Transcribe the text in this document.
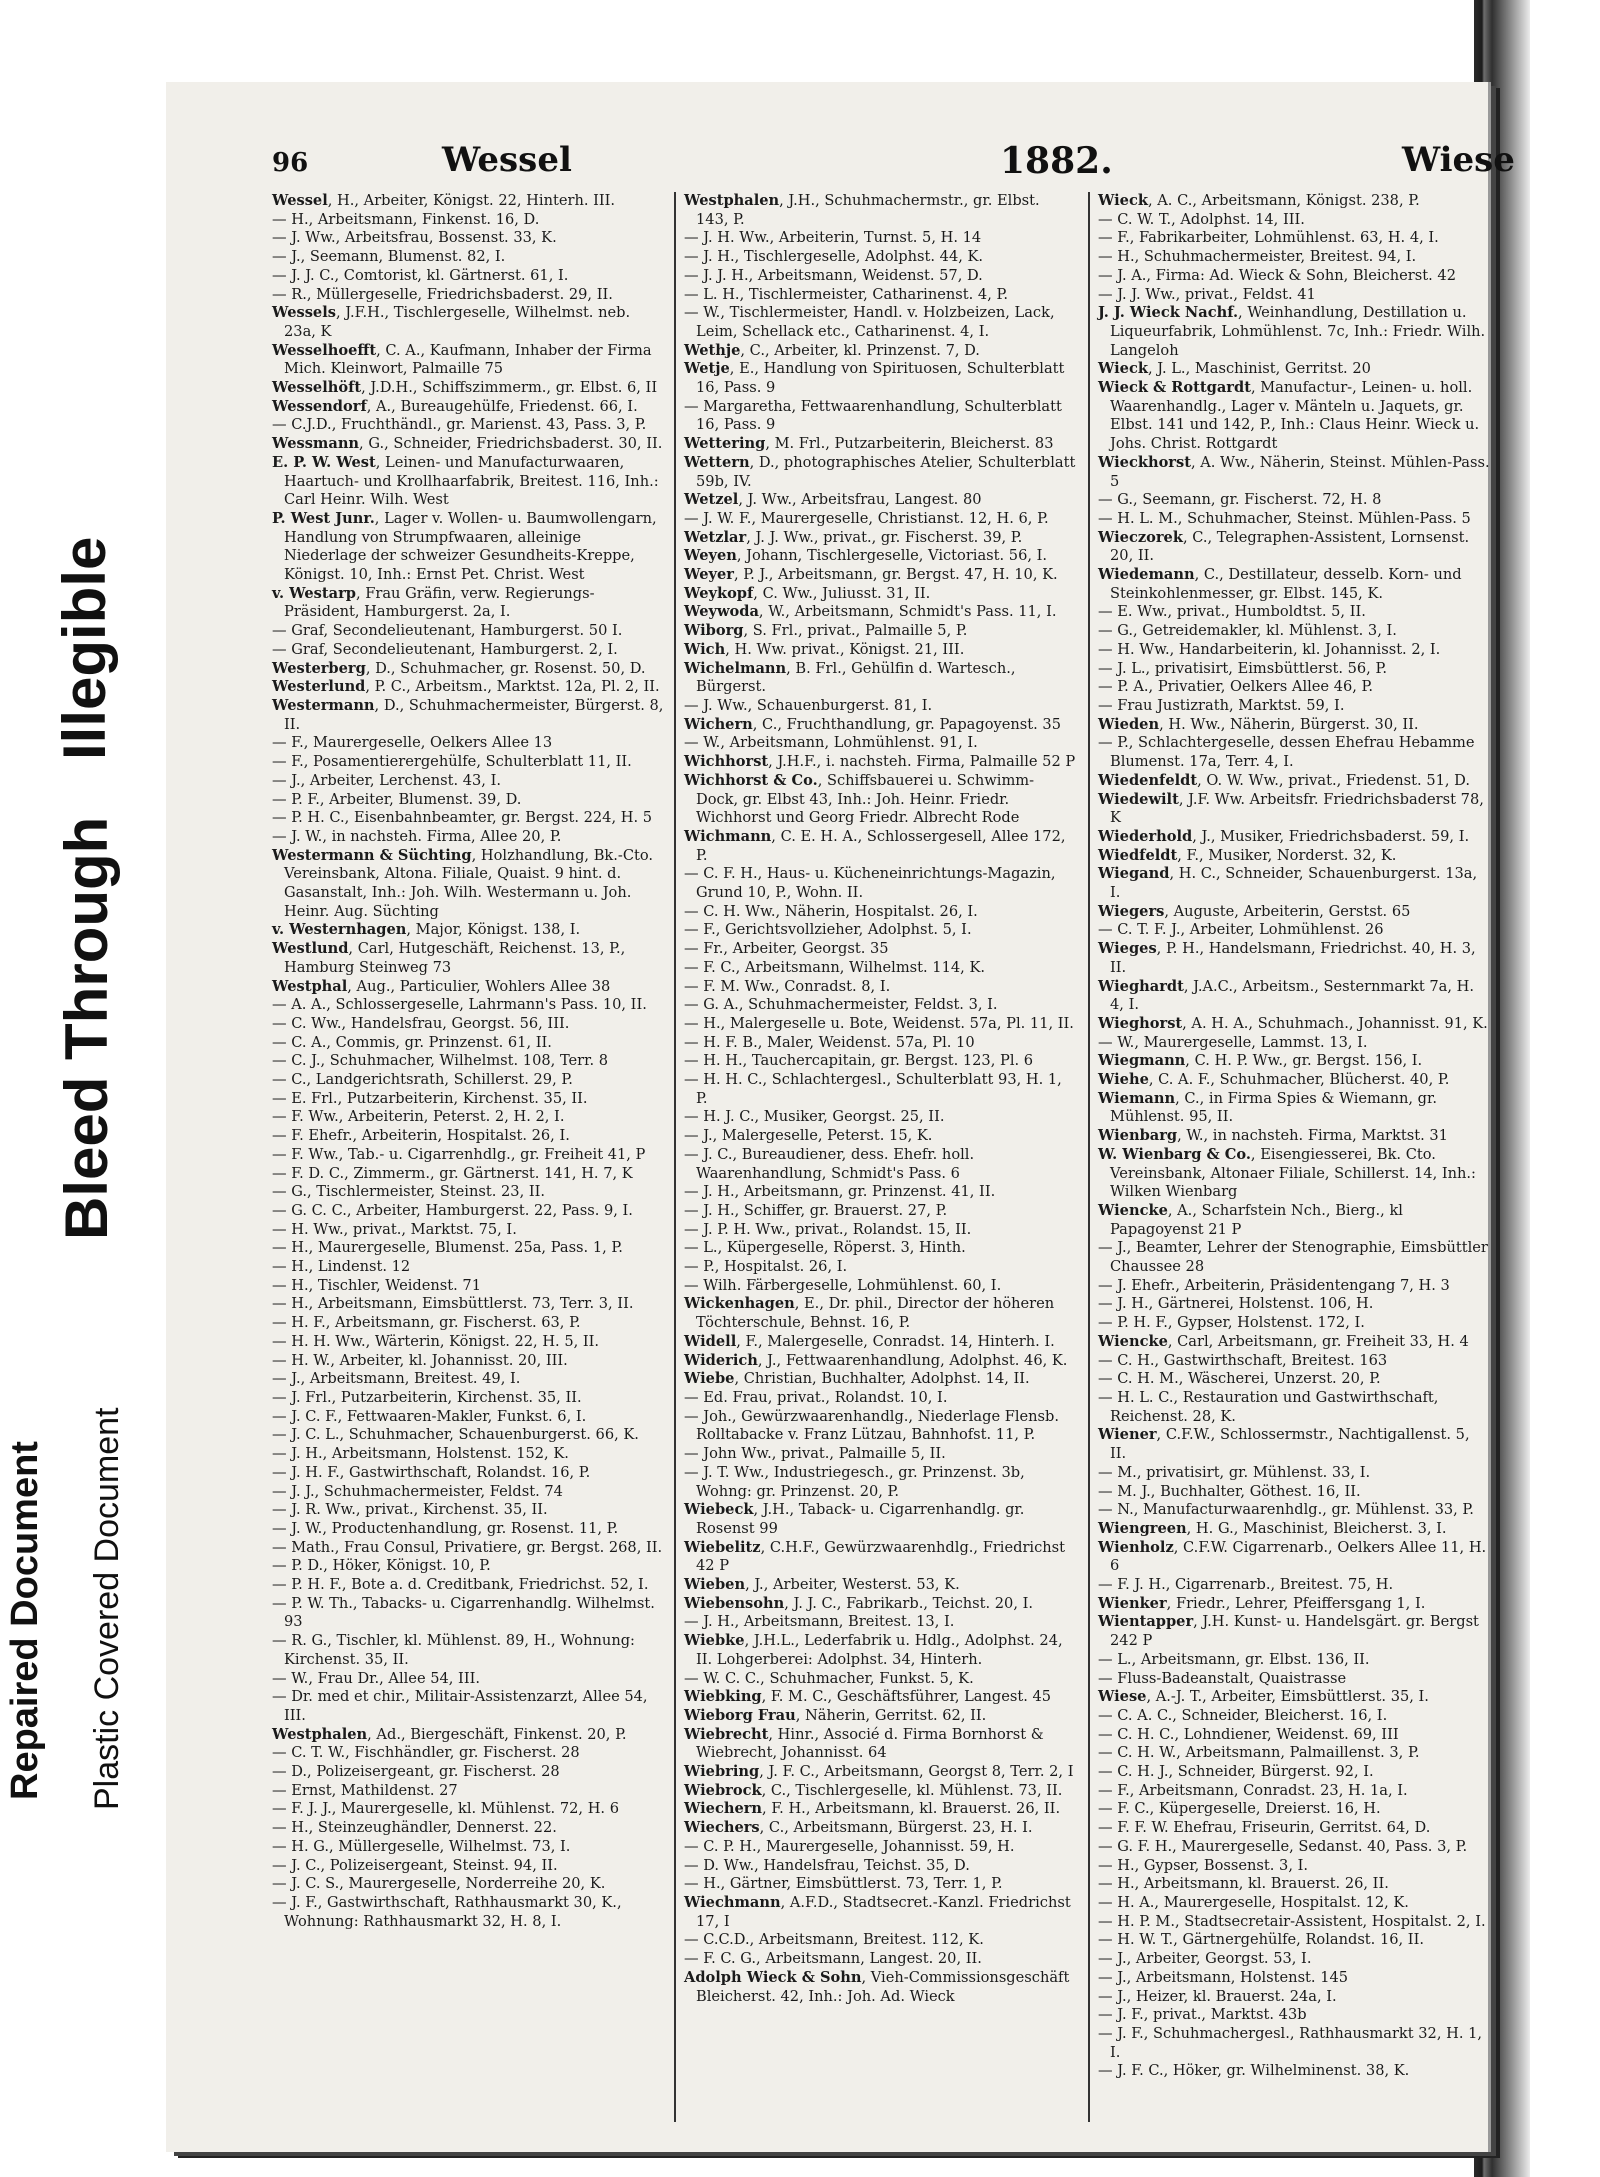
Illegible
Bleed Through
Repaired Document Plastic Covered Document
96	Wessel	1882.	Wiese
Wessel, H., Arbeiter, Königst. 22, Hinterh. III.
— H., Arbeitsmann, Finkenst. 16, D.
— J. Ww., Arbeitsfrau, Bossenst. 33, K.
— J., Seemann, Blumenst. 82, I.
— J. J. C., Comtorist, kl. Gärtnerst. 61, I.
— R., Müllergeselle, Friedrichsbaderst. 29, II.
Wessels, J.F.H., Tischlergeselle, Wilhelmst. neb. 23a, K
Wesselhoefft, C. A., Kaufmann, Inhaber der Firma Mich. Kleinwort, Palmaille 75
Wesselhöft, J.D.H., Schiffszimmerm., gr. Elbst. 6, II
Wessendorf, A., Bureaugehülfe, Friedenst. 66, I.
— C.J.D., Fruchthändl., gr. Marienst. 43, Pass. 3, P.
Wessmann, G., Schneider, Friedrichsbaderst. 30, II.
E. P. W. West, Leinen- und Manufacturwaaren, Haartuch- und Krollhaarfabrik, Breitest. 116, Inh.: Carl Heinr. Wilh. West
P. West Junr., Lager v. Wollen- u. Baumwollengarn, Handlung von Strumpfwaaren, alleinige Niederlage der schweizer Gesundheits-Kreppe, Königst. 10, Inh.: Ernst Pet. Christ. West
v. Westarp, Frau Gräfin, verw. Regierungs-Präsident, Hamburgerst. 2a, I.
— Graf, Secondelieutenant, Hamburgerst. 50 I.
— Graf, Secondelieutenant, Hamburgerst. 2, I.
Westerberg, D., Schuhmacher, gr. Rosenst. 50, D.
Westerlund, P. C., Arbeitsm., Marktst. 12a, Pl. 2, II.
Westermann, D., Schuhmachermeister, Bürgerst. 8, II.
— F., Maurergeselle, Oelkers Allee 13
— F., Posamentierergehülfe, Schulterblatt 11, II.
— J., Arbeiter, Lerchenst. 43, I.
— P. F., Arbeiter, Blumenst. 39, D.
— P. H. C., Eisenbahnbeamter, gr. Bergst. 224, H. 5
— J. W., in nachsteh. Firma, Allee 20, P.
Westermann & Süchting, Holzhandlung, Bk.-Cto. Vereinsbank, Altona. Filiale, Quaist. 9 hint. d. Gasanstalt, Inh.: Joh. Wilh. Westermann u. Joh. Heinr. Aug. Süchting
v. Westernhagen, Major, Königst. 138, I.
Westlund, Carl, Hutgeschäft, Reichenst. 13, P., Hamburg Steinweg 73
Westphal, Aug., Particulier, Wohlers Allee 38
— A. A., Schlossergeselle, Lahrmann's Pass. 10, II.
— C. Ww., Handelsfrau, Georgst. 56, III.
— C. A., Commis, gr. Prinzenst. 61, II.
— C. J., Schuhmacher, Wilhelmst. 108, Terr. 8
— C., Landgerichtsrath, Schillerst. 29, P.
— E. Frl., Putzarbeiterin, Kirchenst. 35, II.
— F. Ww., Arbeiterin, Peterst. 2, H. 2, I.
— F. Ehefr., Arbeiterin, Hospitalst. 26, I.
— F. Ww., Tab.- u. Cigarrenhdlg., gr. Freiheit 41, P
— F. D. C., Zimmerm., gr. Gärtnerst. 141, H. 7, K
— G., Tischlermeister, Steinst. 23, II.
— G. C. C., Arbeiter, Hamburgerst. 22, Pass. 9, I.
— H. Ww., privat., Marktst. 75, I.
— H., Maurergeselle, Blumenst. 25a, Pass. 1, P.
— H., Lindenst. 12
— H., Tischler, Weidenst. 71
— H., Arbeitsmann, Eimsbüttlerst. 73, Terr. 3, II.
— H. F., Arbeitsmann, gr. Fischerst. 63, P.
— H. H. Ww., Wärterin, Königst. 22, H. 5, II.
— H. W., Arbeiter, kl. Johannisst. 20, III.
— J., Arbeitsmann, Breitest. 49, I.
— J. Frl., Putzarbeiterin, Kirchenst. 35, II.
— J. C. F., Fettwaaren-Makler, Funkst. 6, I.
— J. C. L., Schuhmacher, Schauenburgerst. 66, K.
— J. H., Arbeitsmann, Holstenst. 152, K.
— J. H. F., Gastwirthschaft, Rolandst. 16, P.
— J. J., Schuhmachermeister, Feldst. 74
— J. R. Ww., privat., Kirchenst. 35, II.
— J. W., Productenhandlung, gr. Rosenst. 11, P.
— Math., Frau Consul, Privatiere, gr. Bergst. 268, II.
— P. D., Höker, Königst. 10, P.
— P. H. F., Bote a. d. Creditbank, Friedrichst. 52, I.
— P. W. Th., Tabacks- u. Cigarrenhandlg. Wilhelmst. 93
— R. G., Tischler, kl. Mühlenst. 89, H., Wohnung: Kirchenst. 35, II.
— W., Frau Dr., Allee 54, III.
— Dr. med et chir., Militair-Assistenzarzt, Allee 54, III.
Westphalen, Ad., Biergeschäft, Finkenst. 20, P.
— C. T. W., Fischhändler, gr. Fischerst. 28
— D., Polizeisergeant, gr. Fischerst. 28
— Ernst, Mathildenst. 27
— F. J. J., Maurergeselle, kl. Mühlenst. 72, H. 6
— H., Steinzeughändler, Dennerst. 22.
— H. G., Müllergeselle, Wilhelmst. 73, I.
— J. C., Polizeisergeant, Steinst. 94, II.
— J. C. S., Maurergeselle, Norderreihe 20, K.
— J. F., Gastwirthschaft, Rathhausmarkt 30, K., Wohnung: Rathhausmarkt 32, H. 8, I.
Westphalen, J.H., Schuhmachermstr., gr. Elbst. 143, P.
— J. H. Ww., Arbeiterin, Turnst. 5, H. 14
— J. H., Tischlergeselle, Adolphst. 44, K.
— J. J. H., Arbeitsmann, Weidenst. 57, D.
— L. H., Tischlermeister, Catharinenst. 4, P.
— W., Tischlermeister, Handl. v. Holzbeizen, Lack, Leim, Schellack etc., Catharinenst. 4, I.
Wethje, C., Arbeiter, kl. Prinzenst. 7, D.
Wetje, E., Handlung von Spirituosen, Schulterblatt 16, Pass. 9
— Margaretha, Fettwaarenhandlung, Schulterblatt 16, Pass. 9
Wettering, M. Frl., Putzarbeiterin, Bleicherst. 83
Wettern, D., photographisches Atelier, Schulterblatt 59b, IV.
Wetzel, J. Ww., Arbeitsfrau, Langest. 80
— J. W. F., Maurergeselle, Christianst. 12, H. 6, P.
Wetzlar, J. J. Ww., privat., gr. Fischerst. 39, P.
Weyen, Johann, Tischlergeselle, Victoriast. 56, I.
Weyer, P. J., Arbeitsmann, gr. Bergst. 47, H. 10, K.
Weykopf, C. Ww., Juliusst. 31, II.
Weywoda, W., Arbeitsmann, Schmidt's Pass. 11, I.
Wiborg, S. Frl., privat., Palmaille 5, P.
Wich, H. Ww. privat., Königst. 21, III.
Wichelmann, B. Frl., Gehülfin d. Wartesch., Bürgerst.
— J. Ww., Schauenburgerst. 81, I.
Wichern, C., Fruchthandlung, gr. Papagoyenst. 35
— W., Arbeitsmann, Lohmühlenst. 91, I.
Wichhorst, J.H.F., i. nachsteh. Firma, Palmaille 52 P
Wichhorst & Co., Schiffsbauerei u. Schwimm-Dock, gr. Elbst 43, Inh.: Joh. Heinr. Friedr. Wichhorst und Georg Friedr. Albrecht Rode
Wichmann, C. E. H. A., Schlossergesell, Allee 172, P.
— C. F. H., Haus- u. Kücheneinrichtungs-Magazin, Grund 10, P., Wohn. II.
— C. H. Ww., Näherin, Hospitalst. 26, I.
— F., Gerichtsvollzieher, Adolphst. 5, I.
— Fr., Arbeiter, Georgst. 35
— F. C., Arbeitsmann, Wilhelmst. 114, K.
— F. M. Ww., Conradst. 8, I.
— G. A., Schuhmachermeister, Feldst. 3, I.
— H., Malergeselle u. Bote, Weidenst. 57a, Pl. 11, II.
— H. F. B., Maler, Weidenst. 57a, Pl. 10
— H. H., Tauchercapitain, gr. Bergst. 123, Pl. 6
— H. H. C., Schlachtergesl., Schulterblatt 93, H. 1, P.
— H. J. C., Musiker, Georgst. 25, II.
— J., Malergeselle, Peterst. 15, K.
— J. C., Bureaudiener, dess. Ehefr. holl. Waarenhandlung, Schmidt's Pass. 6
— J. H., Arbeitsmann, gr. Prinzenst. 41, II.
— J. H., Schiffer, gr. Brauerst. 27, P.
— J. P. H. Ww., privat., Rolandst. 15, II.
— L., Küpergeselle, Röperst. 3, Hinth.
— P., Hospitalst. 26, I.
— Wilh. Färbergeselle, Lohmühlenst. 60, I.
Wickenhagen, E., Dr. phil., Director der höheren Töchterschule, Behnst. 16, P.
Widell, F., Malergeselle, Conradst. 14, Hinterh. I.
Widerich, J., Fettwaarenhandlung, Adolphst. 46, K.
Wiebe, Christian, Buchhalter, Adolphst. 14, II.
— Ed. Frau, privat., Rolandst. 10, I.
— Joh., Gewürzwaarenhandlg., Niederlage Flensb. Rolltabacke v. Franz Lützau, Bahnhofst. 11, P.
— John Ww., privat., Palmaille 5, II.
— J. T. Ww., Industriegesch., gr. Prinzenst. 3b, Wohng: gr. Prinzenst. 20, P.
Wiebeck, J.H., Taback- u. Cigarrenhandlg. gr. Rosenst 99
Wiebelitz, C.H.F., Gewürzwaarenhdlg., Friedrichst 42 P
Wieben, J., Arbeiter, Westerst. 53, K.
Wiebensohn, J. J. C., Fabrikarb., Teichst. 20, I.
— J. H., Arbeitsmann, Breitest. 13, I.
Wiebke, J.H.L., Lederfabrik u. Hdlg., Adolphst. 24, II. Lohgerberei: Adolphst. 34, Hinterh.
— W. C. C., Schuhmacher, Funkst. 5, K.
Wiebking, F. M. C., Geschäftsführer, Langest. 45
Wieborg Frau, Näherin, Gerritst. 62, II.
Wiebrecht, Hinr., Associé d. Firma Bornhorst & Wiebrecht, Johannisst. 64
Wiebring, J. F. C., Arbeitsmann, Georgst 8, Terr. 2, I
Wiebrock, C., Tischlergeselle, kl. Mühlenst. 73, II.
Wiechern, F. H., Arbeitsmann, kl. Brauerst. 26, II.
Wiechers, C., Arbeitsmann, Bürgerst. 23, H. I.
— C. P. H., Maurergeselle, Johannisst. 59, H.
— D. Ww., Handelsfrau, Teichst. 35, D.
— H., Gärtner, Eimsbüttlerst. 73, Terr. 1, P.
Wiechmann, A.F.D., Stadtsecret.-Kanzl. Friedrichst 17, I
— C.C.D., Arbeitsmann, Breitest. 112, K.
— F. C. G., Arbeitsmann, Langest. 20, II.
Adolph Wieck & Sohn, Vieh-Commissionsgeschäft Bleicherst. 42, Inh.: Joh. Ad. Wieck
Wieck, A. C., Arbeitsmann, Königst. 238, P.
— C. W. T., Adolphst. 14, III.
— F., Fabrikarbeiter, Lohmühlenst. 63, H. 4, I.
— H., Schuhmachermeister, Breitest. 94, I.
— J. A., Firma: Ad. Wieck & Sohn, Bleicherst. 42
— J. J. Ww., privat., Feldst. 41
J. J. Wieck Nachf., Weinhandlung, Destillation u. Liqueurfabrik, Lohmühlenst. 7c, Inh.: Friedr. Wilh. Langeloh
Wieck, J. L., Maschinist, Gerritst. 20
Wieck & Rottgardt, Manufactur-, Leinen- u. holl. Waarenhandlg., Lager v. Mänteln u. Jaquets, gr. Elbst. 141 und 142, P., Inh.: Claus Heinr. Wieck u. Johs. Christ. Rottgardt
Wieckhorst, A. Ww., Näherin, Steinst. Mühlen-Pass. 5
— G., Seemann, gr. Fischerst. 72, H. 8
— H. L. M., Schuhmacher, Steinst. Mühlen-Pass. 5
Wieczorek, C., Telegraphen-Assistent, Lornsenst. 20, II.
Wiedemann, C., Destillateur, desselb. Korn- und Steinkohlenmesser, gr. Elbst. 145, K.
— E. Ww., privat., Humboldtst. 5, II.
— G., Getreidemakler, kl. Mühlenst. 3, I.
— H. Ww., Handarbeiterin, kl. Johannisst. 2, I.
— J. L., privatisirt, Eimsbüttlerst. 56, P.
— P. A., Privatier, Oelkers Allee 46, P.
— Frau Justizrath, Marktst. 59, I.
Wieden, H. Ww., Näherin, Bürgerst. 30, II.
— P., Schlachtergeselle, dessen Ehefrau Hebamme Blumenst. 17a, Terr. 4, I.
Wiedenfeldt, O. W. Ww., privat., Friedenst. 51, D.
Wiedewilt, J.F. Ww. Arbeitsfr. Friedrichsbaderst 78, K
Wiederhold, J., Musiker, Friedrichsbaderst. 59, I.
Wiedfeldt, F., Musiker, Norderst. 32, K.
Wiegand, H. C., Schneider, Schauenburgerst. 13a, I.
Wiegers, Auguste, Arbeiterin, Gerstst. 65
— C. T. F. J., Arbeiter, Lohmühlenst. 26
Wieges, P. H., Handelsmann, Friedrichst. 40, H. 3, II.
Wieghardt, J.A.C., Arbeitsm., Sesternmarkt 7a, H. 4, I.
Wieghorst, A. H. A., Schuhmach., Johannisst. 91, K.
— W., Maurergeselle, Lammst. 13, I.
Wiegmann, C. H. P. Ww., gr. Bergst. 156, I.
Wiehe, C. A. F., Schuhmacher, Blücherst. 40, P.
Wiemann, C., in Firma Spies & Wiemann, gr. Mühlenst. 95, II.
Wienbarg, W., in nachsteh. Firma, Marktst. 31
W. Wienbarg & Co., Eisengiesserei, Bk. Cto. Vereinsbank, Altonaer Filiale, Schillerst. 14, Inh.: Wilken Wienbarg
Wiencke, A., Scharfstein Nch., Bierg., kl Papagoyenst 21 P
— J., Beamter, Lehrer der Stenographie, Eimsbüttler Chaussee 28
— J. Ehefr., Arbeiterin, Präsidentengang 7, H. 3
— J. H., Gärtnerei, Holstenst. 106, H.
— P. H. F., Gypser, Holstenst. 172, I.
Wiencke, Carl, Arbeitsmann, gr. Freiheit 33, H. 4
— C. H., Gastwirthschaft, Breitest. 163
— C. H. M., Wäscherei, Unzerst. 20, P.
— H. L. C., Restauration und Gastwirthschaft, Reichenst. 28, K.
Wiener, C.F.W., Schlossermstr., Nachtigallenst. 5, II.
— M., privatisirt, gr. Mühlenst. 33, I.
— M. J., Buchhalter, Göthest. 16, II.
— N., Manufacturwaarenhdlg., gr. Mühlenst. 33, P.
Wiengreen, H. G., Maschinist, Bleicherst. 3, I.
Wienholz, C.F.W. Cigarrenarb., Oelkers Allee 11, H. 6
— F. J. H., Cigarrenarb., Breitest. 75, H.
Wienker, Friedr., Lehrer, Pfeiffersgang 1, I.
Wientapper, J.H. Kunst- u. Handelsgärt. gr. Bergst 242 P
— L., Arbeitsmann, gr. Elbst. 136, II.
— Fluss-Badeanstalt, Quaistrasse
Wiese, A.-J. T., Arbeiter, Eimsbüttlerst. 35, I.
— C. A. C., Schneider, Bleicherst. 16, I.
— C. H. C., Lohndiener, Weidenst. 69, III
— C. H. W., Arbeitsmann, Palmaillenst. 3, P.
— C. H. J., Schneider, Bürgerst. 92, I.
— F., Arbeitsmann, Conradst. 23, H. 1a, I.
— F. C., Küpergeselle, Dreierst. 16, H.
— F. F. W. Ehefrau, Friseurin, Gerritst. 64, D.
— G. F. H., Maurergeselle, Sedanst. 40, Pass. 3, P.
— H., Gypser, Bossenst. 3, I.
— H., Arbeitsmann, kl. Brauerst. 26, II.
— H. A., Maurergeselle, Hospitalst. 12, K.
— H. P. M., Stadtsecretair-Assistent, Hospitalst. 2, I.
— H. W. T., Gärtnergehülfe, Rolandst. 16, II.
— J., Arbeiter, Georgst. 53, I.
— J., Arbeitsmann, Holstenst. 145
— J., Heizer, kl. Brauerst. 24a, I.
— J. F., privat., Marktst. 43b
— J. F., Schuhmachergesl., Rathhausmarkt 32, H. 1, I.
— J. F. C., Höker, gr. Wilhelminenst. 38, K.
